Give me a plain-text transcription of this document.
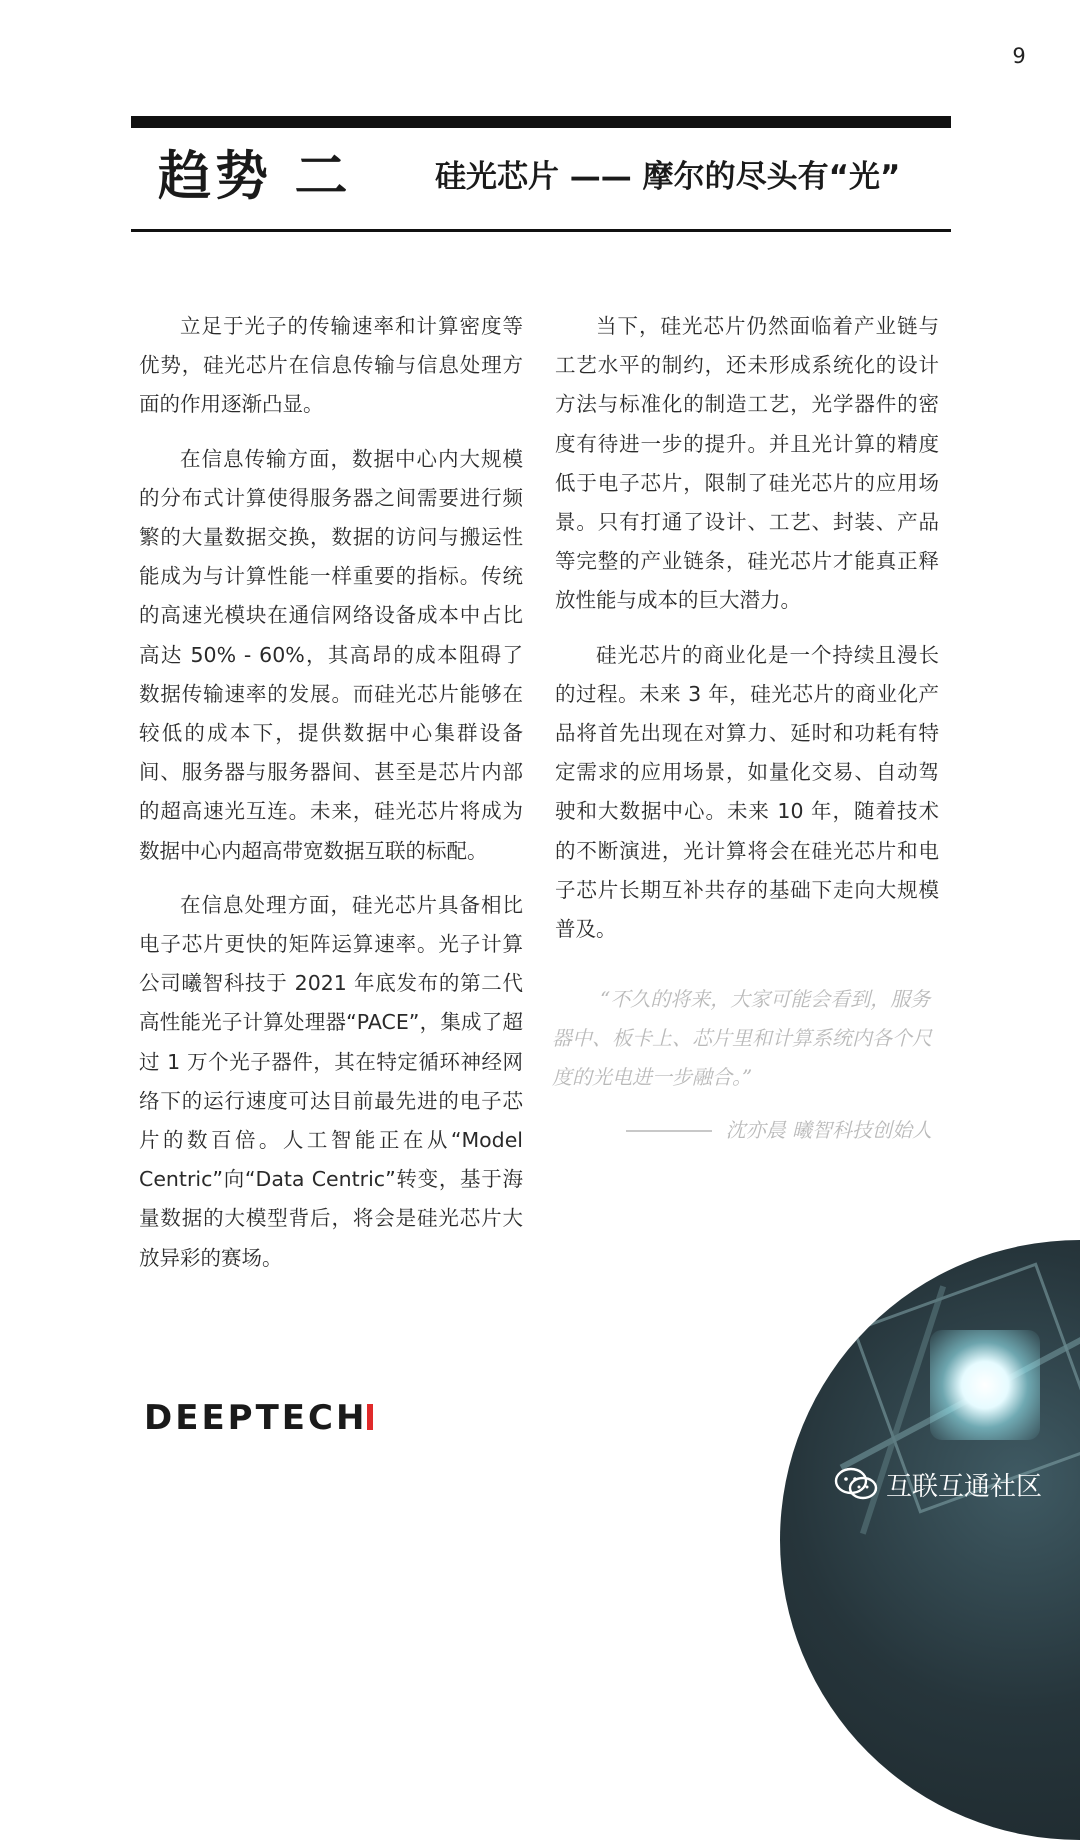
9
趋势 二	硅光芯片 —— 摩尔的尽头有“光”

立足于光子的传输速率和计算密度等优势，硅光芯片在信息传输与信息处理方面的作用逐渐凸显。

在信息传输方面，数据中心内大规模的分布式计算使得服务器之间需要进行频繁的大量数据交换，数据的访问与搬运性能成为与计算性能一样重要的指标。传统的高速光模块在通信网络设备成本中占比高达 50% - 60%，其高昂的成本阻碍了数据传输速率的发展。而硅光芯片能够在较低的成本下，提供数据中心集群设备间、服务器与服务器间、甚至是芯片内部的超高速光互连。未来，硅光芯片将成为数据中心内超高带宽数据互联的标配。

在信息处理方面，硅光芯片具备相比电子芯片更快的矩阵运算速率。光子计算公司曦智科技于 2021 年底发布的第二代高性能光子计算处理器“PACE”，集成了超过 1 万个光子器件，其在特定循环神经网络下的运行速度可达目前最先进的电子芯片的数百倍。人工智能正在从“Model Centric”向“Data Centric”转变，基于海量数据的大模型背后，将会是硅光芯片大放异彩的赛场。

当下，硅光芯片仍然面临着产业链与工艺水平的制约，还未形成系统化的设计方法与标准化的制造工艺，光学器件的密度有待进一步的提升。并且光计算的精度低于电子芯片，限制了硅光芯片的应用场景。只有打通了设计、工艺、封装、产品等完整的产业链条，硅光芯片才能真正释放性能与成本的巨大潜力。

硅光芯片的商业化是一个持续且漫长的过程。未来 3 年，硅光芯片的商业化产品将首先出现在对算力、延时和功耗有特定需求的应用场景，如量化交易、自动驾驶和大数据中心。未来 10 年，随着技术的不断演进，光计算将会在硅光芯片和电子芯片长期互补共存的基础下走向大规模普及。

“不久的将来，大家可能会看到，服务器中、板卡上、芯片里和计算系统内各个尺度的光电进一步融合。”

沈亦晨 曦智科技创始人
DEEPTECH
互联互通社区
